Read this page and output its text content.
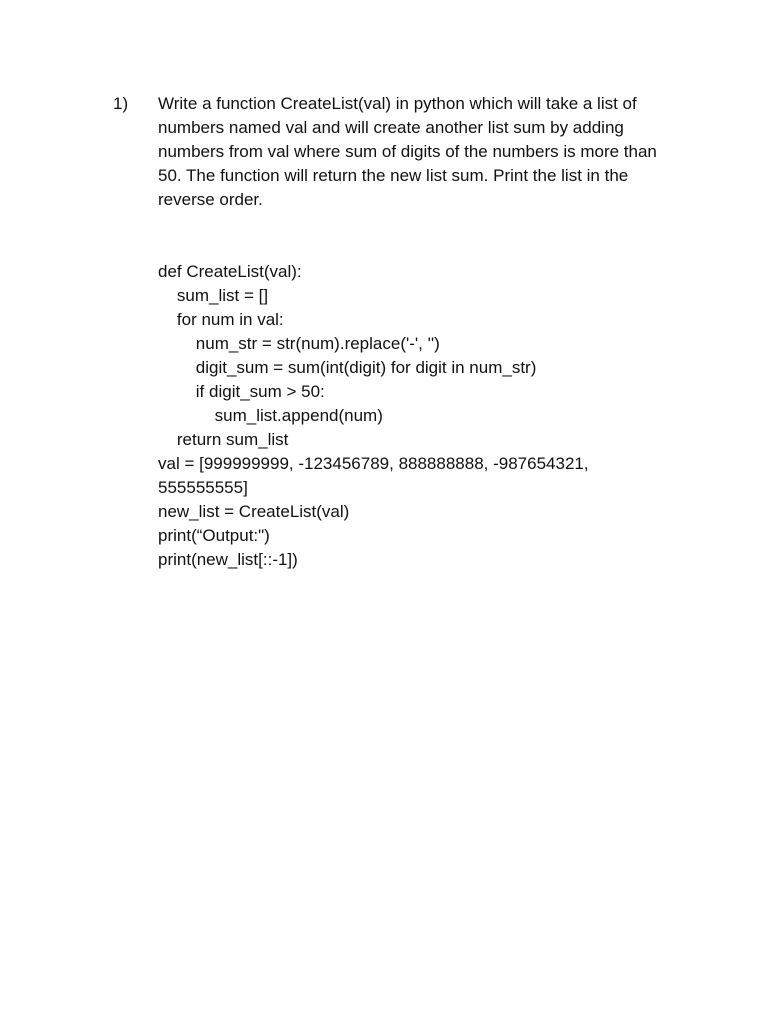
1) Write a function CreateList(val) in python which will take a list of
numbers named val and will create another list sum by adding
numbers from val where sum of digits of the numbers is more than
50. The function will return the new list sum. Print the list in the
reverse order.
def CreateList(val):
sum_list = []
for num in val:
num_str = str(num).replace('-', '')
digit_sum = sum(int(digit) for digit in num_str)
if digit_sum > 50:
sum_list.append(num)
return sum_list
val = [999999999, -123456789, 888888888, -987654321,
555555555]
new_list = CreateList(val)
print(“Output:")
print(new_list[::-1])
